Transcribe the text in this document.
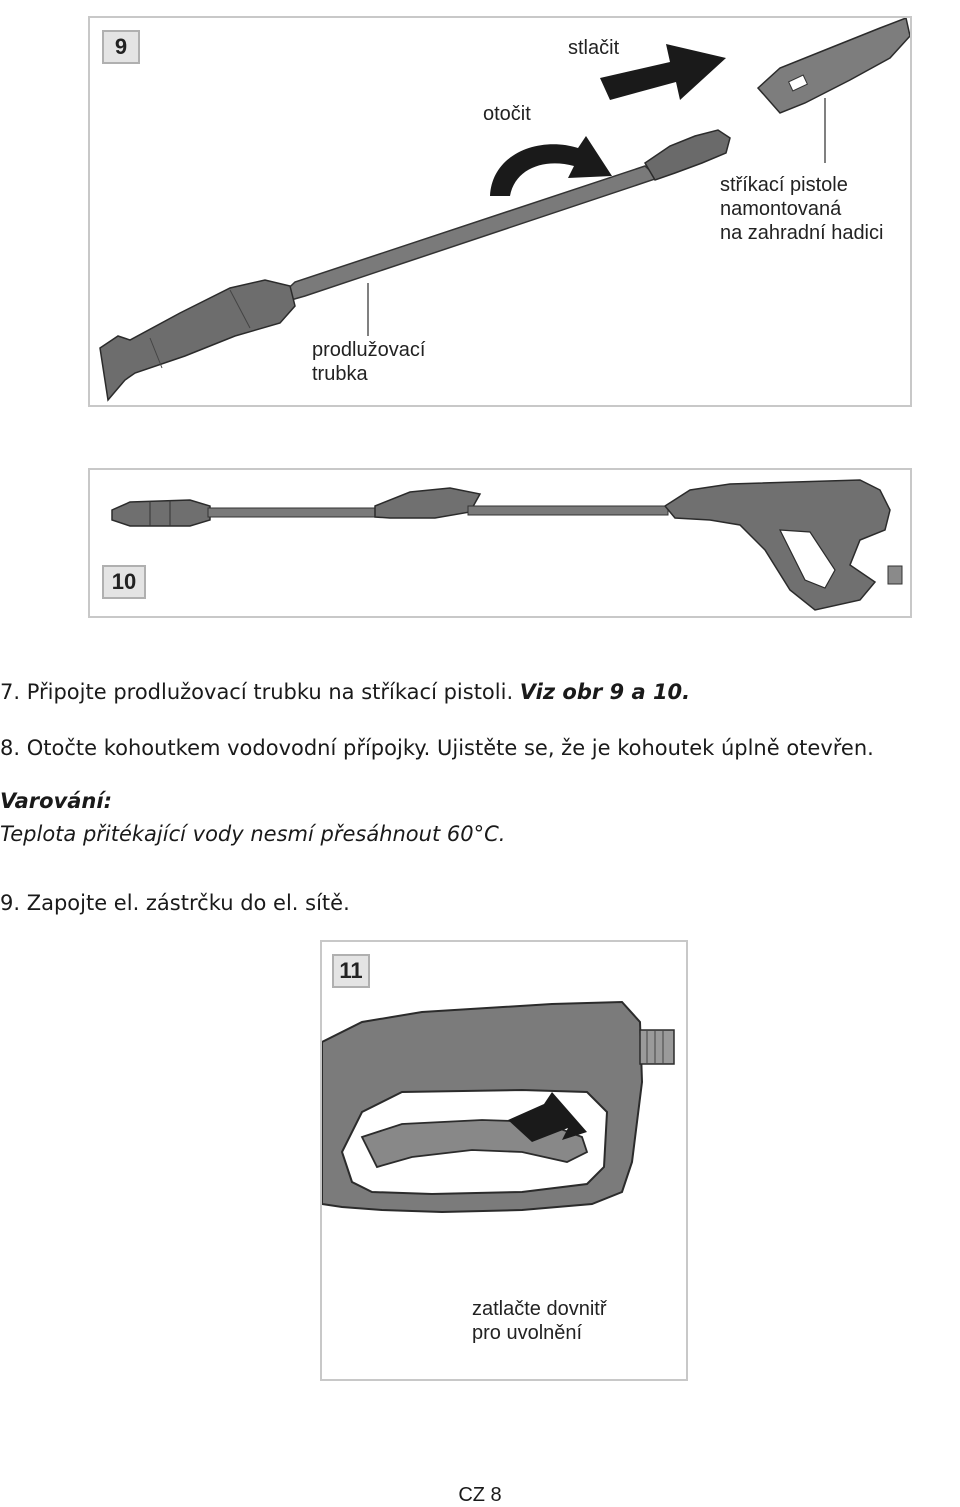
9	stlačit
otočit
stříkací pistole
namontovaná
na zahradní hadici
prodlužovací
trubka
10
7. Připojte prodlužovací trubku na stříkací pistoli. Viz obr 9 a 10.
8. Otočte kohoutkem vodovodní přípojky. Ujistěte se, že je kohoutek úplně otevřen.
Varování:
Teplota přitékající vody nesmí přesáhnout 60°C.
9. Zapojte el. zástrčku do el. sítě.
11
zatlačte dovnitř
pro uvolnění
CZ 8
